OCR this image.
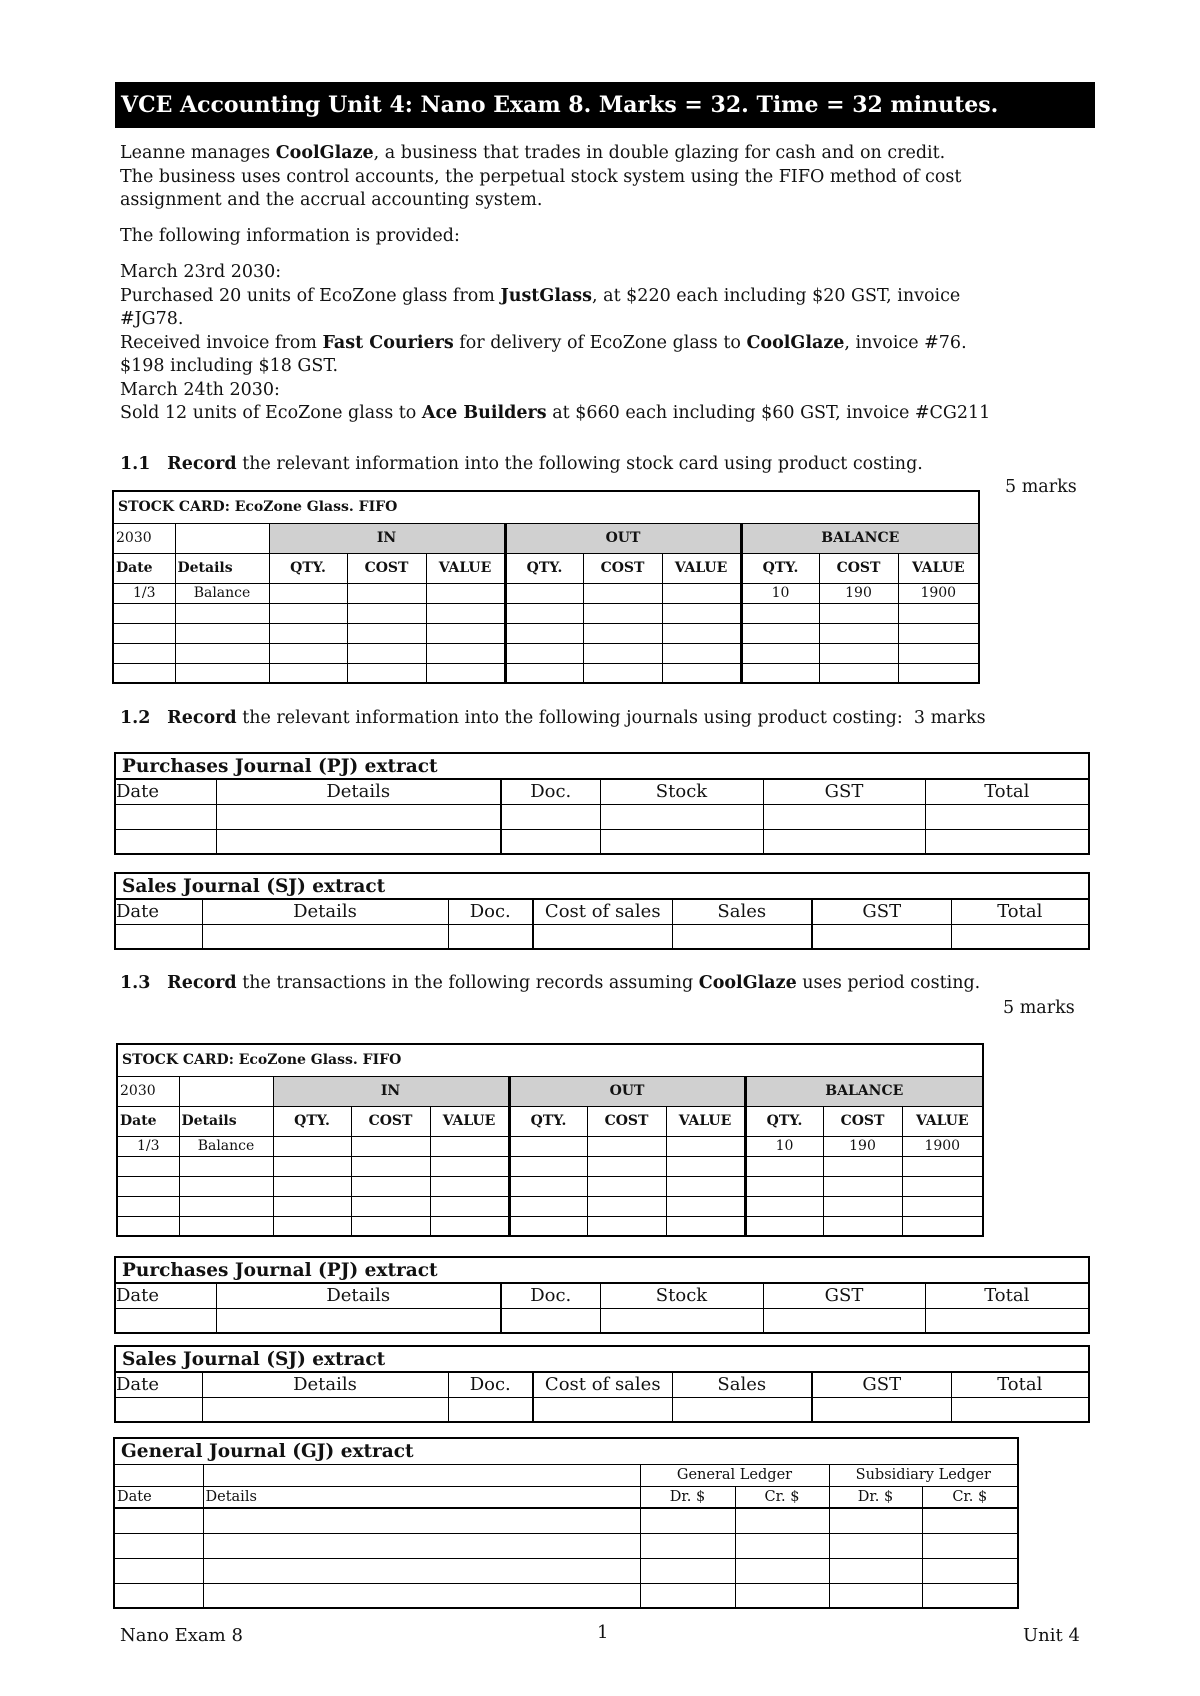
VCE Accounting Unit 4: Nano Exam 8. Marks = 32. Time = 32 minutes.
Leanne manages CoolGlaze, a business that trades in double glazing for cash and on credit.
The business uses control accounts, the perpetual stock system using the FIFO method of cost
assignment and the accrual accounting system.
The following information is provided:
March 23rd 2030:
Purchased 20 units of EcoZone glass from JustGlass, at $220 each including $20 GST, invoice
#JG78.
Received invoice from Fast Couriers for delivery of EcoZone glass to CoolGlaze, invoice #76.
$198 including $18 GST.
March 24th 2030:
Sold 12 units of EcoZone glass to Ace Builders at $660 each including $60 GST, invoice #CG211
1.1 Record the relevant information into the following stock card using product costing.
5 marks
STOCK CARD: EcoZone Glass. FIFO										
2030		IN			OUT			BALANCE		
Date	Details	QTY.	COST	VALUE	QTY.	COST	VALUE	QTY.	COST	VALUE
1/3	Balance							10	190	1900

1.2 Record the relevant information into the following journals using product costing: 3 marks
Purchases Journal (PJ) extract					
Date	Details	Doc.	Stock	GST	Total

Sales Journal (SJ) extract						
Date	Details	Doc.	Cost of sales	Sales	GST	Total

1.3 Record the transactions in the following records assuming CoolGlaze uses period costing.
5 marks
STOCK CARD: EcoZone Glass. FIFO										
2030		IN			OUT			BALANCE		
Date	Details	QTY.	COST	VALUE	QTY.	COST	VALUE	QTY.	COST	VALUE
1/3	Balance							10	190	1900

Purchases Journal (PJ) extract					
Date	Details	Doc.	Stock	GST	Total

Sales Journal (SJ) extract						
Date	Details	Doc.	Cost of sales	Sales	GST	Total

General Journal (GJ) extract					
		General Ledger		Subsidiary Ledger	
Date	Details	Dr. $	Cr. $	Dr. $	Cr. $

Nano Exam 8	1	Unit 4
